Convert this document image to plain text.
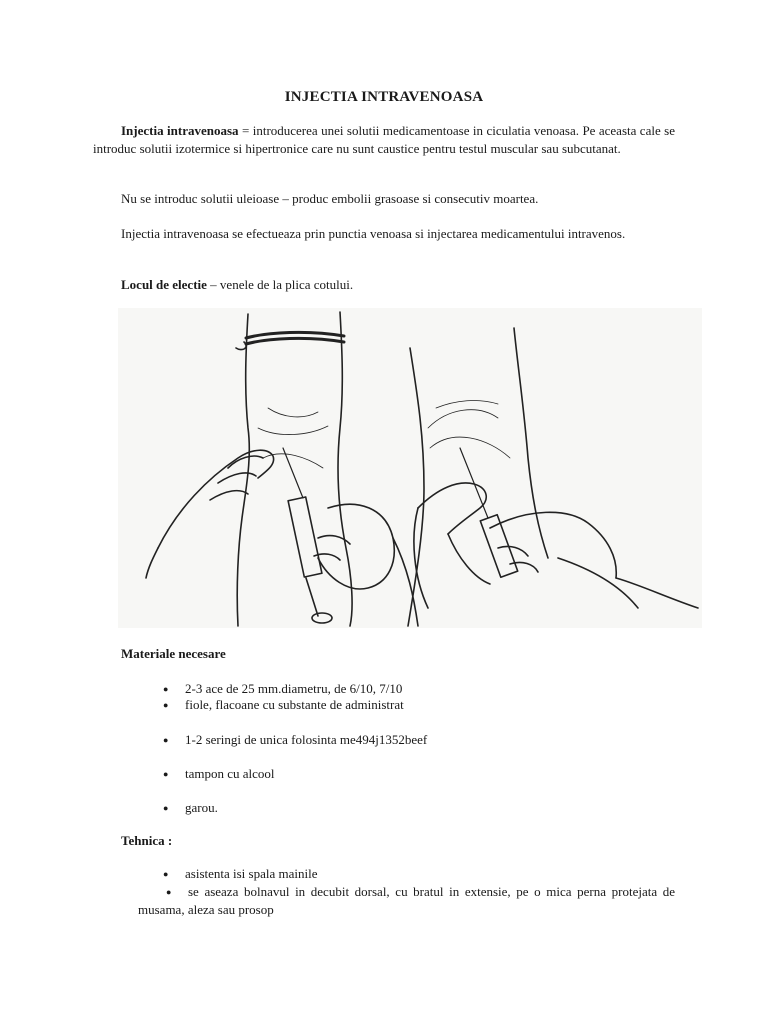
INJECTIA INTRAVENOASA
Injectia intravenoasa = introducerea unei solutii medicamentoase in ciculatia venoasa. Pe aceasta cale se introduc solutii izotermice si hipertronice care nu sunt caustice pentru testul muscular sau subcutanat.
Nu se introduc solutii uleioase – produc embolii grasoase si consecutiv moartea.
Injectia intravenoasa se efectueaza prin punctia venoasa si injectarea medicamentului intravenos.
Locul de electie – venele de la plica cotului.
Materiale necesare
● 2-3 ace de 25 mm.diametru, de 6/10, 7/10
● fiole, flacoane cu substante de administrat
● 1-2 seringi de unica folosinta me494j1352beef
● tampon cu alcool
● garou.
Tehnica :
● asistenta isi spala mainile
● se aseaza bolnavul in decubit dorsal, cu bratul in extensie, pe o mica perna protejata de musama, aleza sau prosop
